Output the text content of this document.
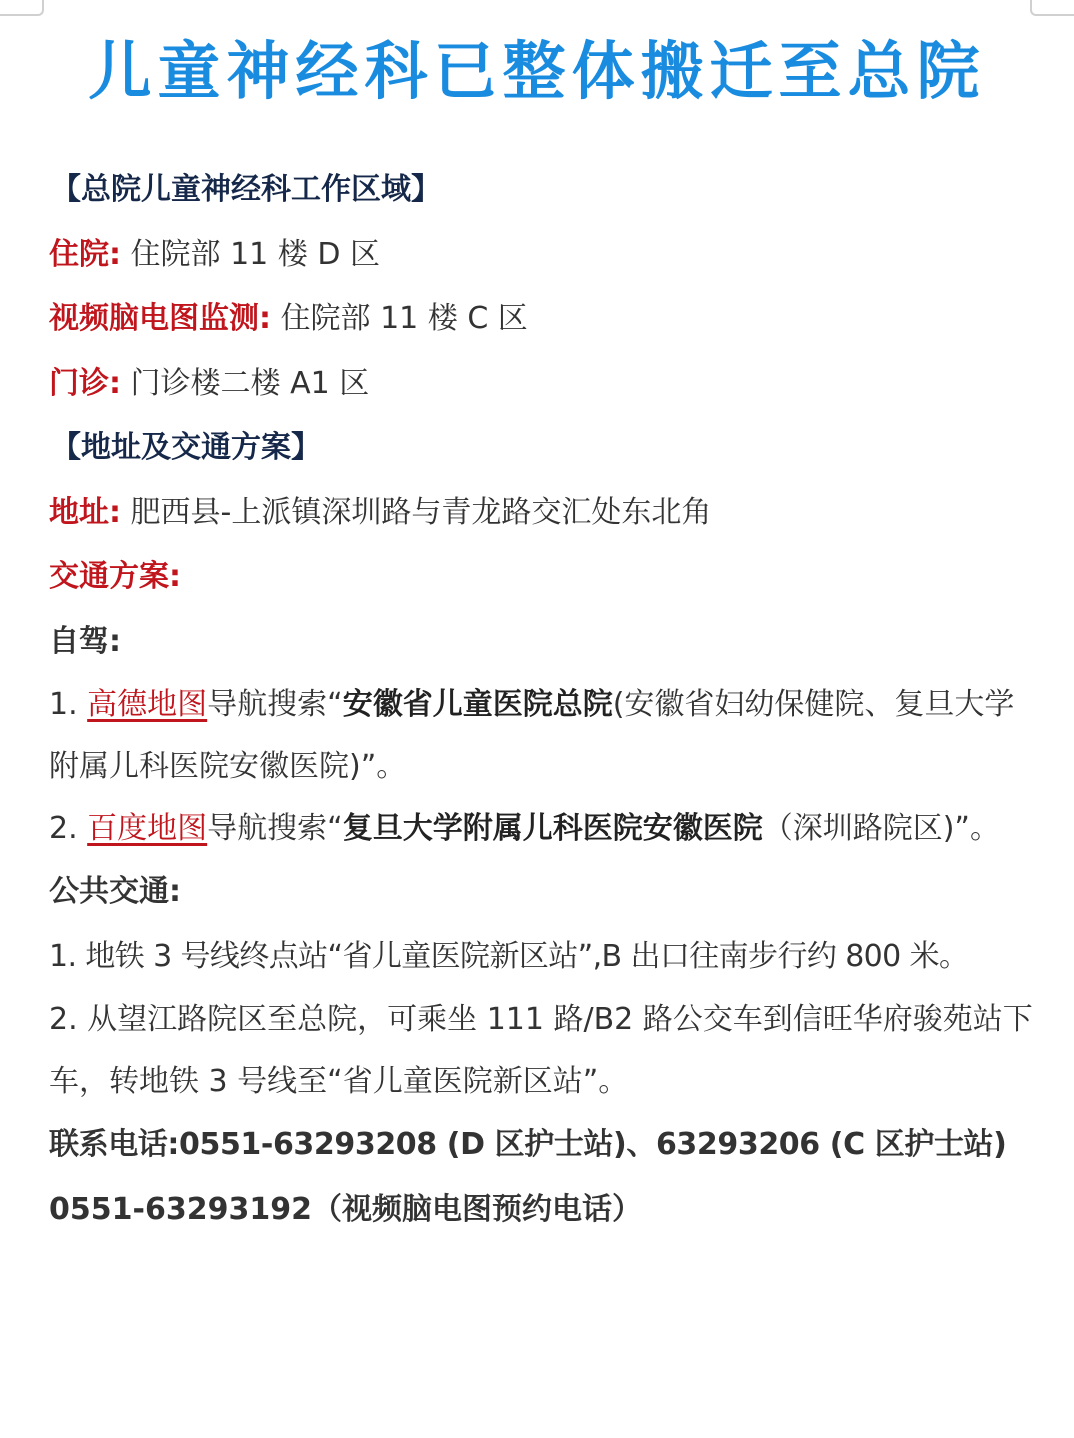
儿童神经科已整体搬迁至总院

【总院儿童神经科工作区域】

住院: 住院部 11 楼 D 区

视频脑电图监测: 住院部 11 楼 C 区

门诊: 门诊楼二楼 A1 区

【地址及交通方案】

地址: 肥西县-上派镇深圳路与青龙路交汇处东北角

交通方案:

自驾:

1. 高德地图导航搜索“安徽省儿童医院总院(安徽省妇幼保健院、复旦大学附属儿科医院安徽医院)”。

2. 百度地图导航搜索“复旦大学附属儿科医院安徽医院（深圳路院区)”。

公共交通:

1. 地铁 3 号线终点站“省儿童医院新区站”,B 出口往南步行约 800 米。

2. 从望江路院区至总院，可乘坐 111 路/B2 路公交车到信旺华府骏苑站下车，转地铁 3 号线至“省儿童医院新区站”。

联系电话:0551-63293208 (D 区护士站)、63293206 (C 区护士站)

0551-63293192（视频脑电图预约电话）
